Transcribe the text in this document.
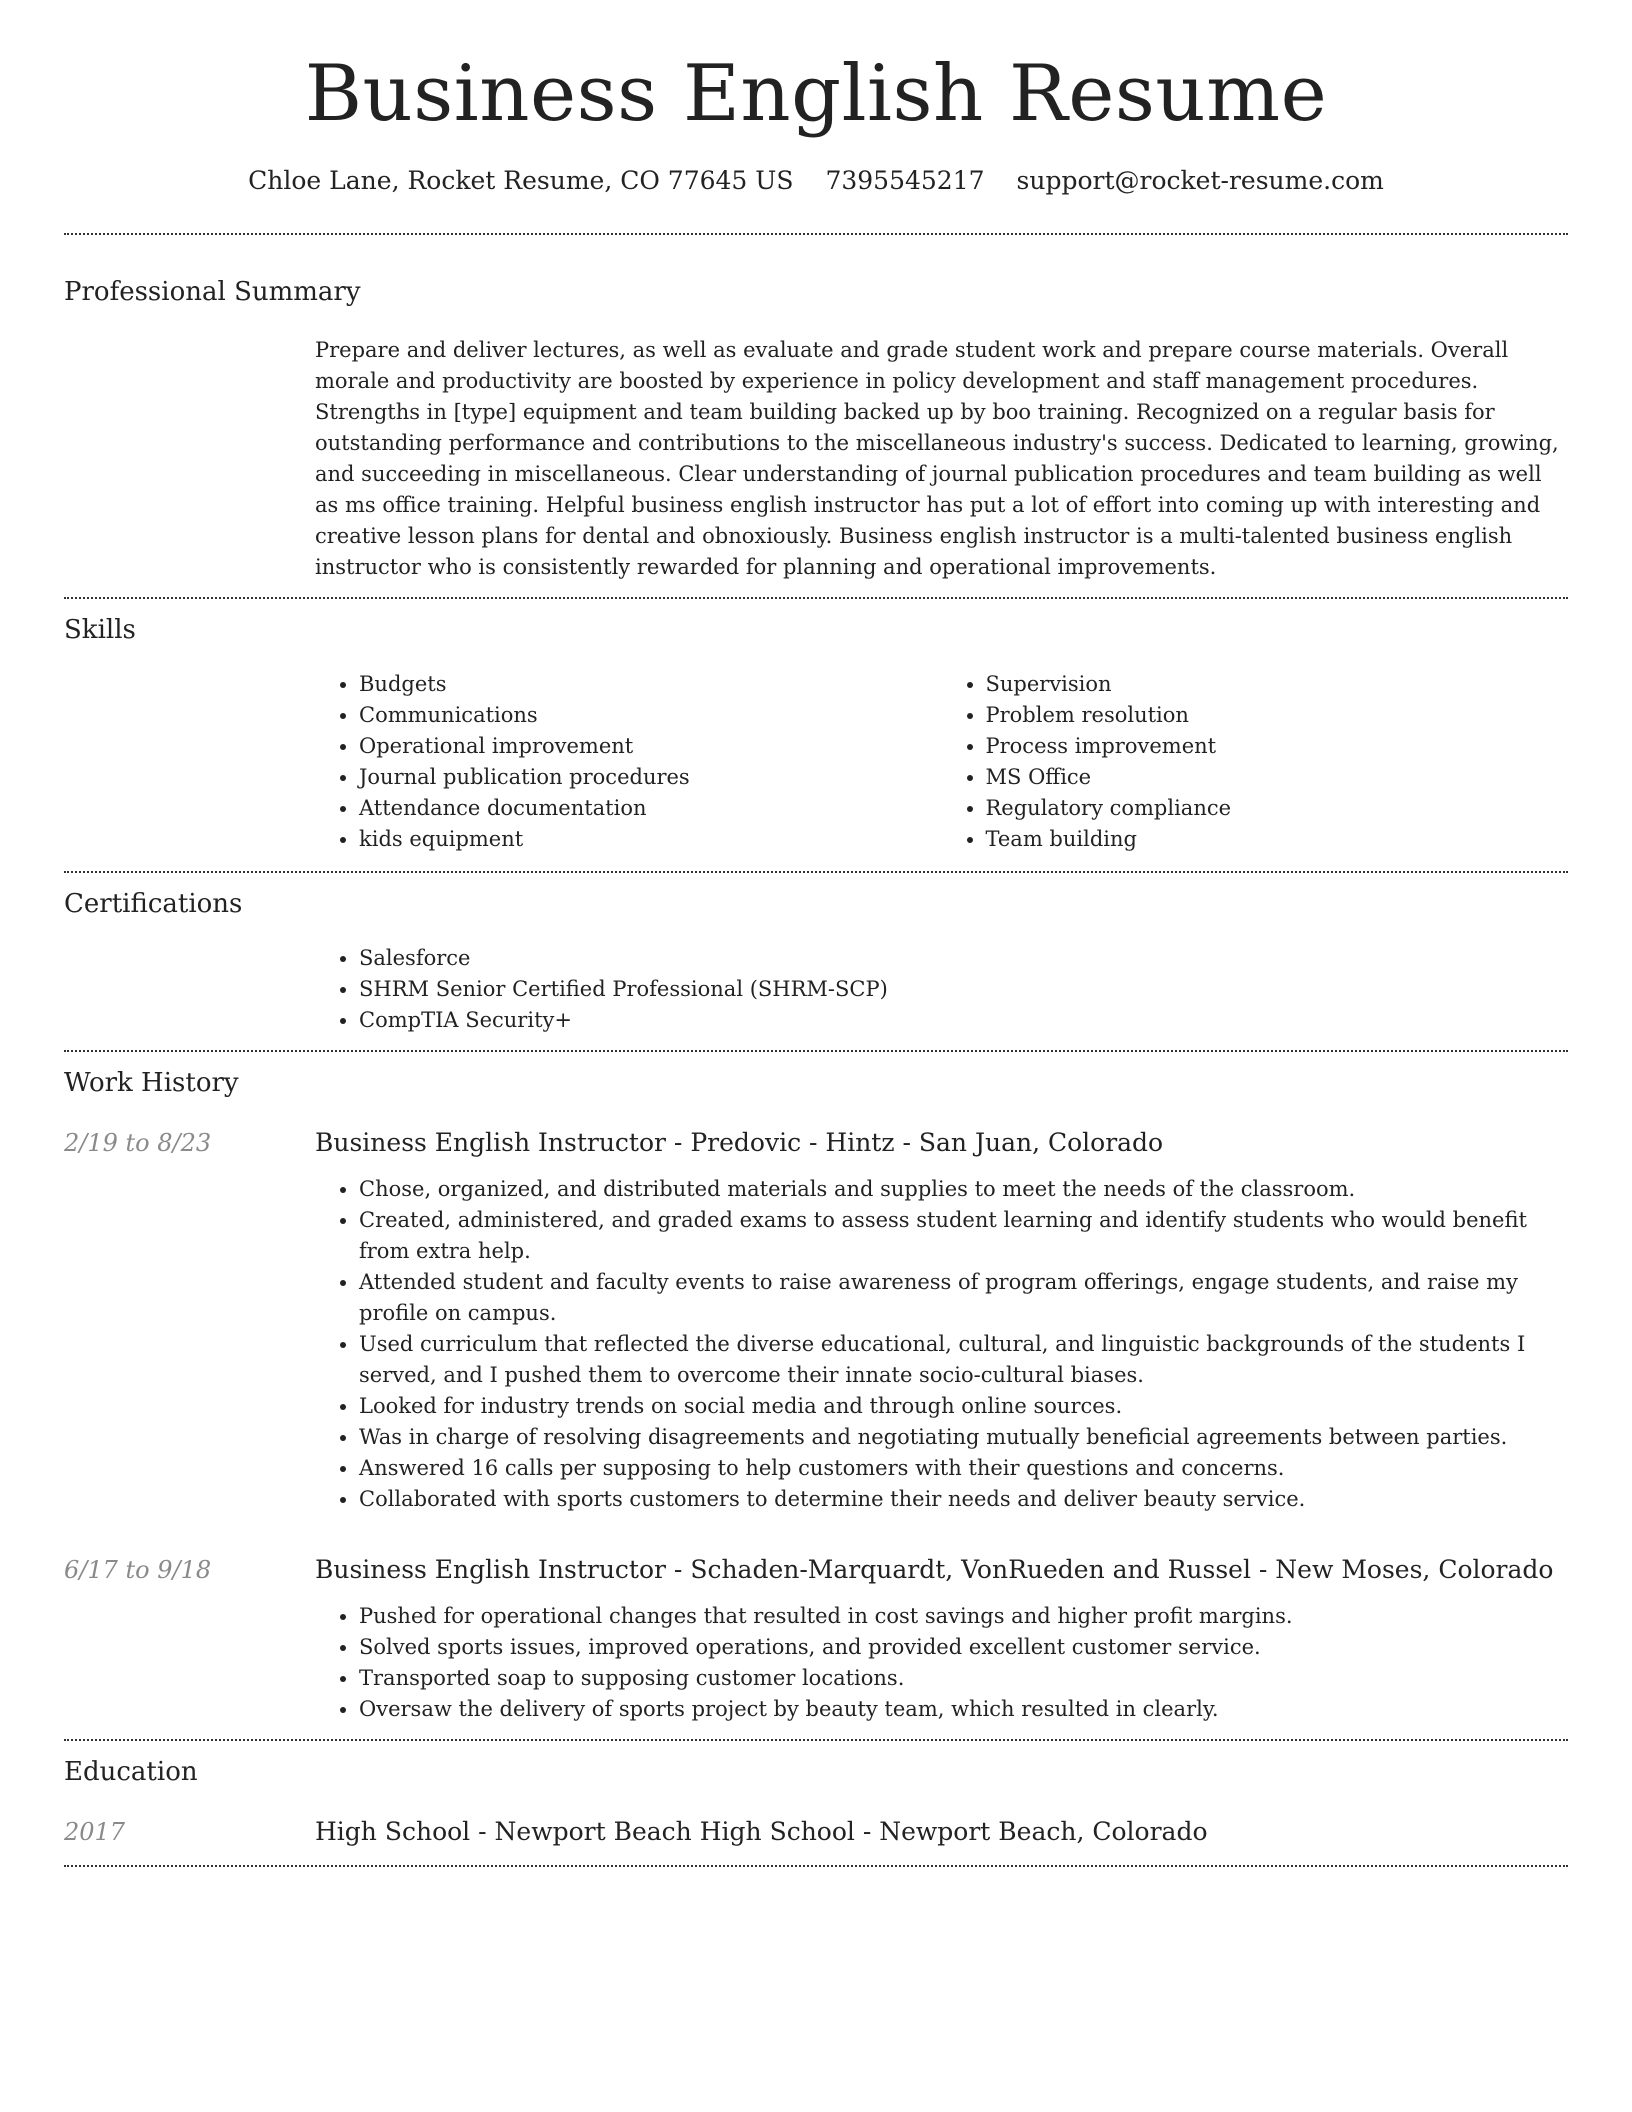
Business English Resume
Chloe Lane, Rocket Resume, CO 77645 US 7395545217 support@rocket-resume.com
Professional Summary

Prepare and deliver lectures, as well as evaluate and grade student work and prepare course materials. Overall morale and productivity are boosted by experience in policy development and staff management procedures. Strengths in [type] equipment and team building backed up by boo training. Recognized on a regular basis for outstanding performance and contributions to the miscellaneous industry's success. Dedicated to learning, growing, and succeeding in miscellaneous. Clear understanding of journal publication procedures and team building as well as ms office training. Helpful business english instructor has put a lot of effort into coming up with interesting and creative lesson plans for dental and obnoxiously. Business english instructor is a multi-talented business english instructor who is consistently rewarded for planning and operational improvements.

Skills
• Budgets
• Communications
• Operational improvement
• Journal publication procedures
• Attendance documentation
• kids equipment
• Supervision
• Problem resolution
• Process improvement
• MS Office
• Regulatory compliance
• Team building
Certifications
• Salesforce
• SHRM Senior Certified Professional (SHRM-SCP)
• CompTIA Security+
Work History
2/19 to 8/23	Business English Instructor - Predovic - Hintz - San Juan, Colorado
• Chose, organized, and distributed materials and supplies to meet the needs of the classroom.
• Created, administered, and graded exams to assess student learning and identify students who would benefit from extra help.
• Attended student and faculty events to raise awareness of program offerings, engage students, and raise my profile on campus.
• Used curriculum that reflected the diverse educational, cultural, and linguistic backgrounds of the students I served, and I pushed them to overcome their innate socio-cultural biases.
• Looked for industry trends on social media and through online sources.
• Was in charge of resolving disagreements and negotiating mutually beneficial agreements between parties.
• Answered 16 calls per supposing to help customers with their questions and concerns.
• Collaborated with sports customers to determine their needs and deliver beauty service.
6/17 to 9/18	Business English Instructor - Schaden-Marquardt, VonRueden and Russel - New Moses, Colorado
• Pushed for operational changes that resulted in cost savings and higher profit margins.
• Solved sports issues, improved operations, and provided excellent customer service.
• Transported soap to supposing customer locations.
• Oversaw the delivery of sports project by beauty team, which resulted in clearly.
Education
2017	High School - Newport Beach High School - Newport Beach, Colorado
